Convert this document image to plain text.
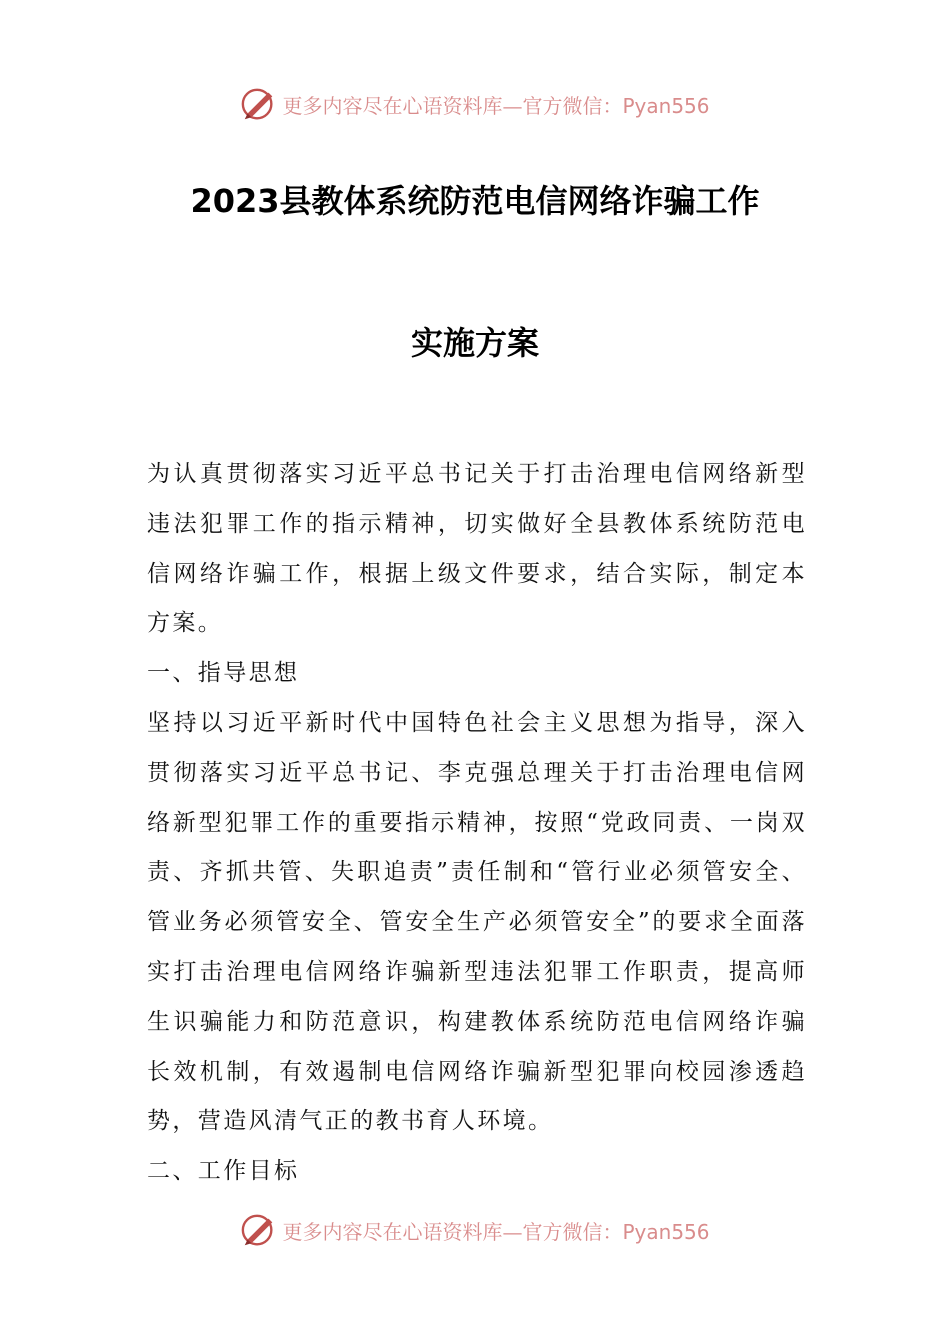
更多内容尽在心语资料库—官方微信：Pyan556
2023县教体系统防范电信网络诈骗工作
实施方案

为认真贯彻落实习近平总书记关于打击治理电信网络新型违法犯罪工作的指示精神，切实做好全县教体系统防范电信网络诈骗工作，根据上级文件要求，结合实际，制定本方案。

一、指导思想

坚持以习近平新时代中国特色社会主义思想为指导，深入贯彻落实习近平总书记、李克强总理关于打击治理电信网络新型犯罪工作的重要指示精神，按照“党政同责、一岗双责、齐抓共管、失职追责”责任制和“管行业必须管安全、管业务必须管安全、管安全生产必须管安全”的要求全面落实打击治理电信网络诈骗新型违法犯罪工作职责，提高师生识骗能力和防范意识，构建教体系统防范电信网络诈骗长效机制，有效遏制电信网络诈骗新型犯罪向校园渗透趋势，营造风清气正的教书育人环境。

二、工作目标

更多内容尽在心语资料库—官方微信：Pyan556
